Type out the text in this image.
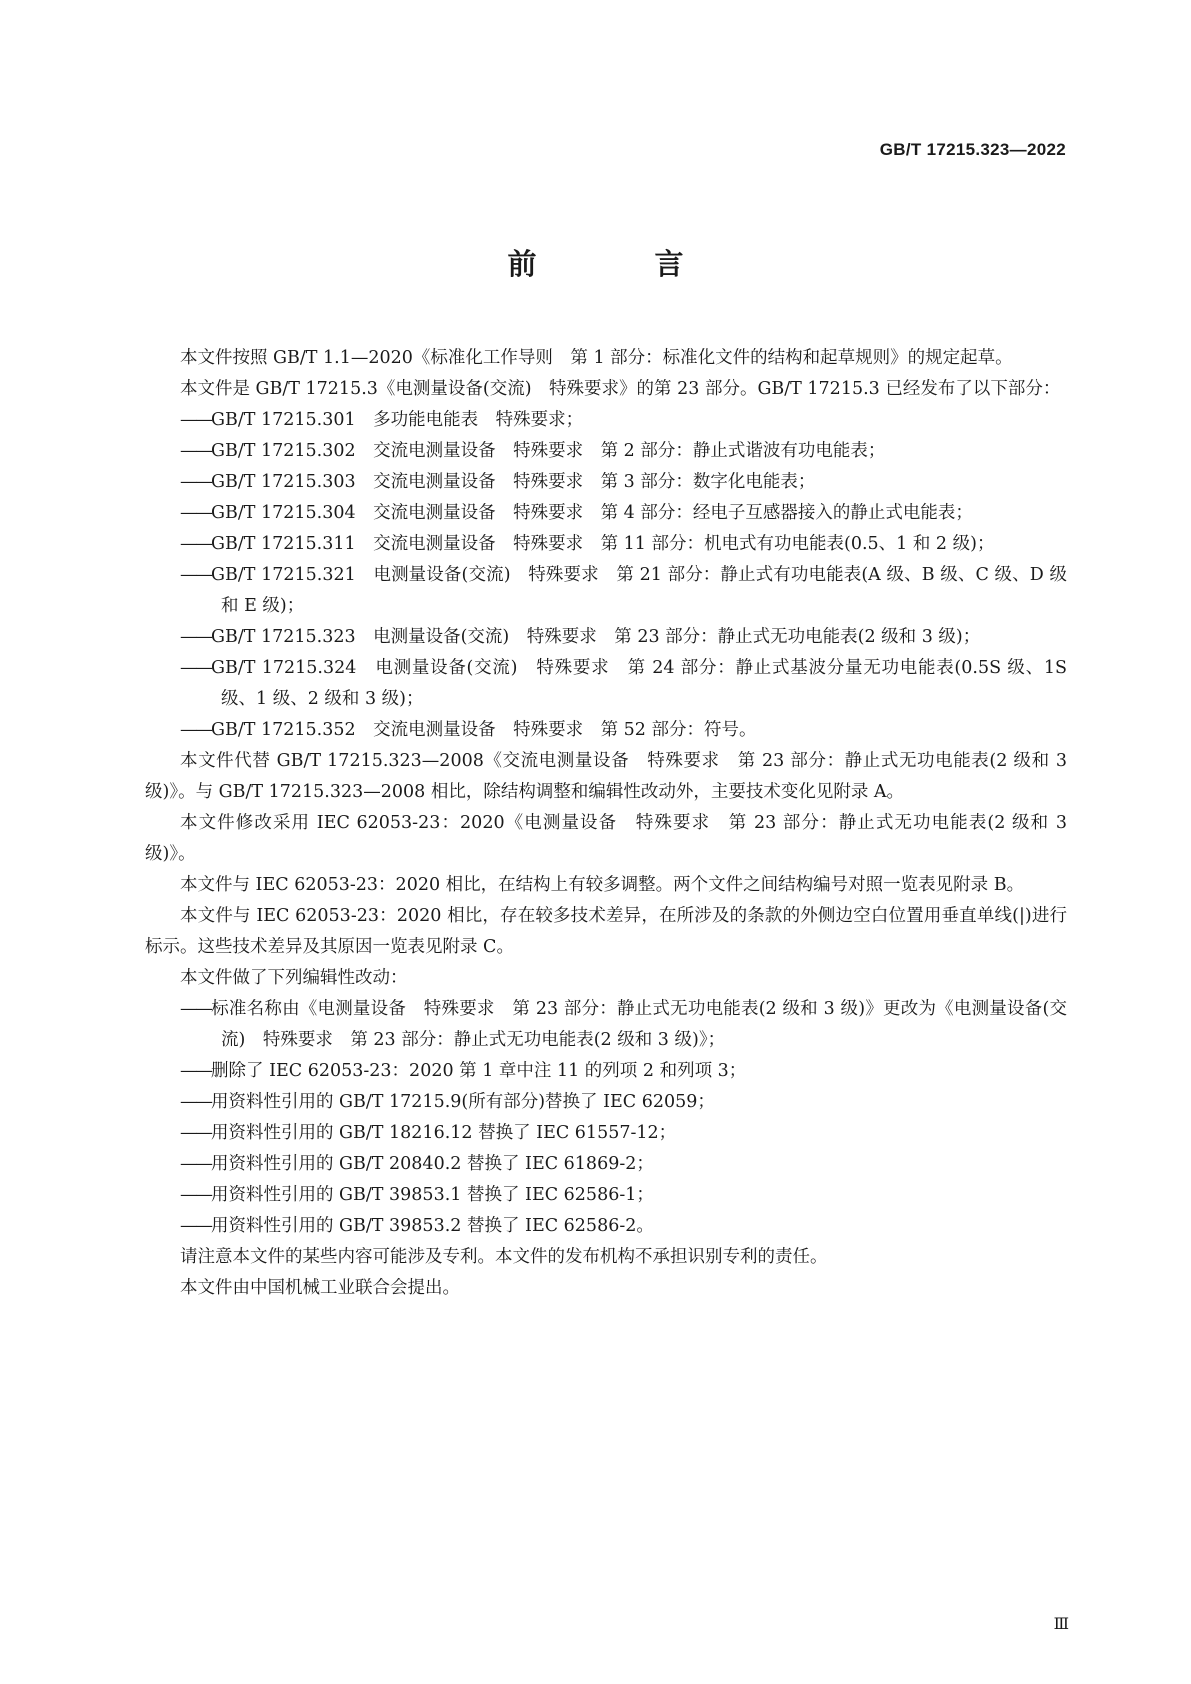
GB/T 17215.323—2022
前 言

本文件按照 GB/T 1.1—2020《标准化工作导则　第 1 部分：标准化文件的结构和起草规则》的规定起草。

本文件是 GB/T 17215.3《电测量设备(交流)　特殊要求》的第 23 部分。GB/T 17215.3 已经发布了以下部分：

——GB/T 17215.301　多功能电能表　特殊要求；

——GB/T 17215.302　交流电测量设备　特殊要求　第 2 部分：静止式谐波有功电能表；

——GB/T 17215.303　交流电测量设备　特殊要求　第 3 部分：数字化电能表；

——GB/T 17215.304　交流电测量设备　特殊要求　第 4 部分：经电子互感器接入的静止式电能表；

——GB/T 17215.311　交流电测量设备　特殊要求　第 11 部分：机电式有功电能表(0.5、1 和 2 级)；

——GB/T 17215.321　电测量设备(交流)　特殊要求　第 21 部分：静止式有功电能表(A 级、B 级、C 级、D 级和 E 级)；

——GB/T 17215.323　电测量设备(交流)　特殊要求　第 23 部分：静止式无功电能表(2 级和 3 级)；

——GB/T 17215.324　电测量设备(交流)　特殊要求　第 24 部分：静止式基波分量无功电能表(0.5S 级、1S 级、1 级、2 级和 3 级)；

——GB/T 17215.352　交流电测量设备　特殊要求　第 52 部分：符号。

本文件代替 GB/T 17215.323—2008《交流电测量设备　特殊要求　第 23 部分：静止式无功电能表(2 级和 3 级)》。与 GB/T 17215.323—2008 相比，除结构调整和编辑性改动外，主要技术变化见附录 A。

本文件修改采用 IEC 62053-23：2020《电测量设备　特殊要求　第 23 部分：静止式无功电能表(2 级和 3 级)》。

本文件与 IEC 62053-23：2020 相比，在结构上有较多调整。两个文件之间结构编号对照一览表见附录 B。

本文件与 IEC 62053-23：2020 相比，存在较多技术差异，在所涉及的条款的外侧边空白位置用垂直单线(|)进行标示。这些技术差异及其原因一览表见附录 C。

本文件做了下列编辑性改动：

——标准名称由《电测量设备　特殊要求　第 23 部分：静止式无功电能表(2 级和 3 级)》更改为《电测量设备(交流)　特殊要求　第 23 部分：静止式无功电能表(2 级和 3 级)》；

——删除了 IEC 62053-23：2020 第 1 章中注 11 的列项 2 和列项 3；

——用资料性引用的 GB/T 17215.9(所有部分)替换了 IEC 62059；

——用资料性引用的 GB/T 18216.12 替换了 IEC 61557-12；

——用资料性引用的 GB/T 20840.2 替换了 IEC 61869-2；

——用资料性引用的 GB/T 39853.1 替换了 IEC 62586-1；

——用资料性引用的 GB/T 39853.2 替换了 IEC 62586-2。

请注意本文件的某些内容可能涉及专利。本文件的发布机构不承担识别专利的责任。

本文件由中国机械工业联合会提出。

Ⅲ
